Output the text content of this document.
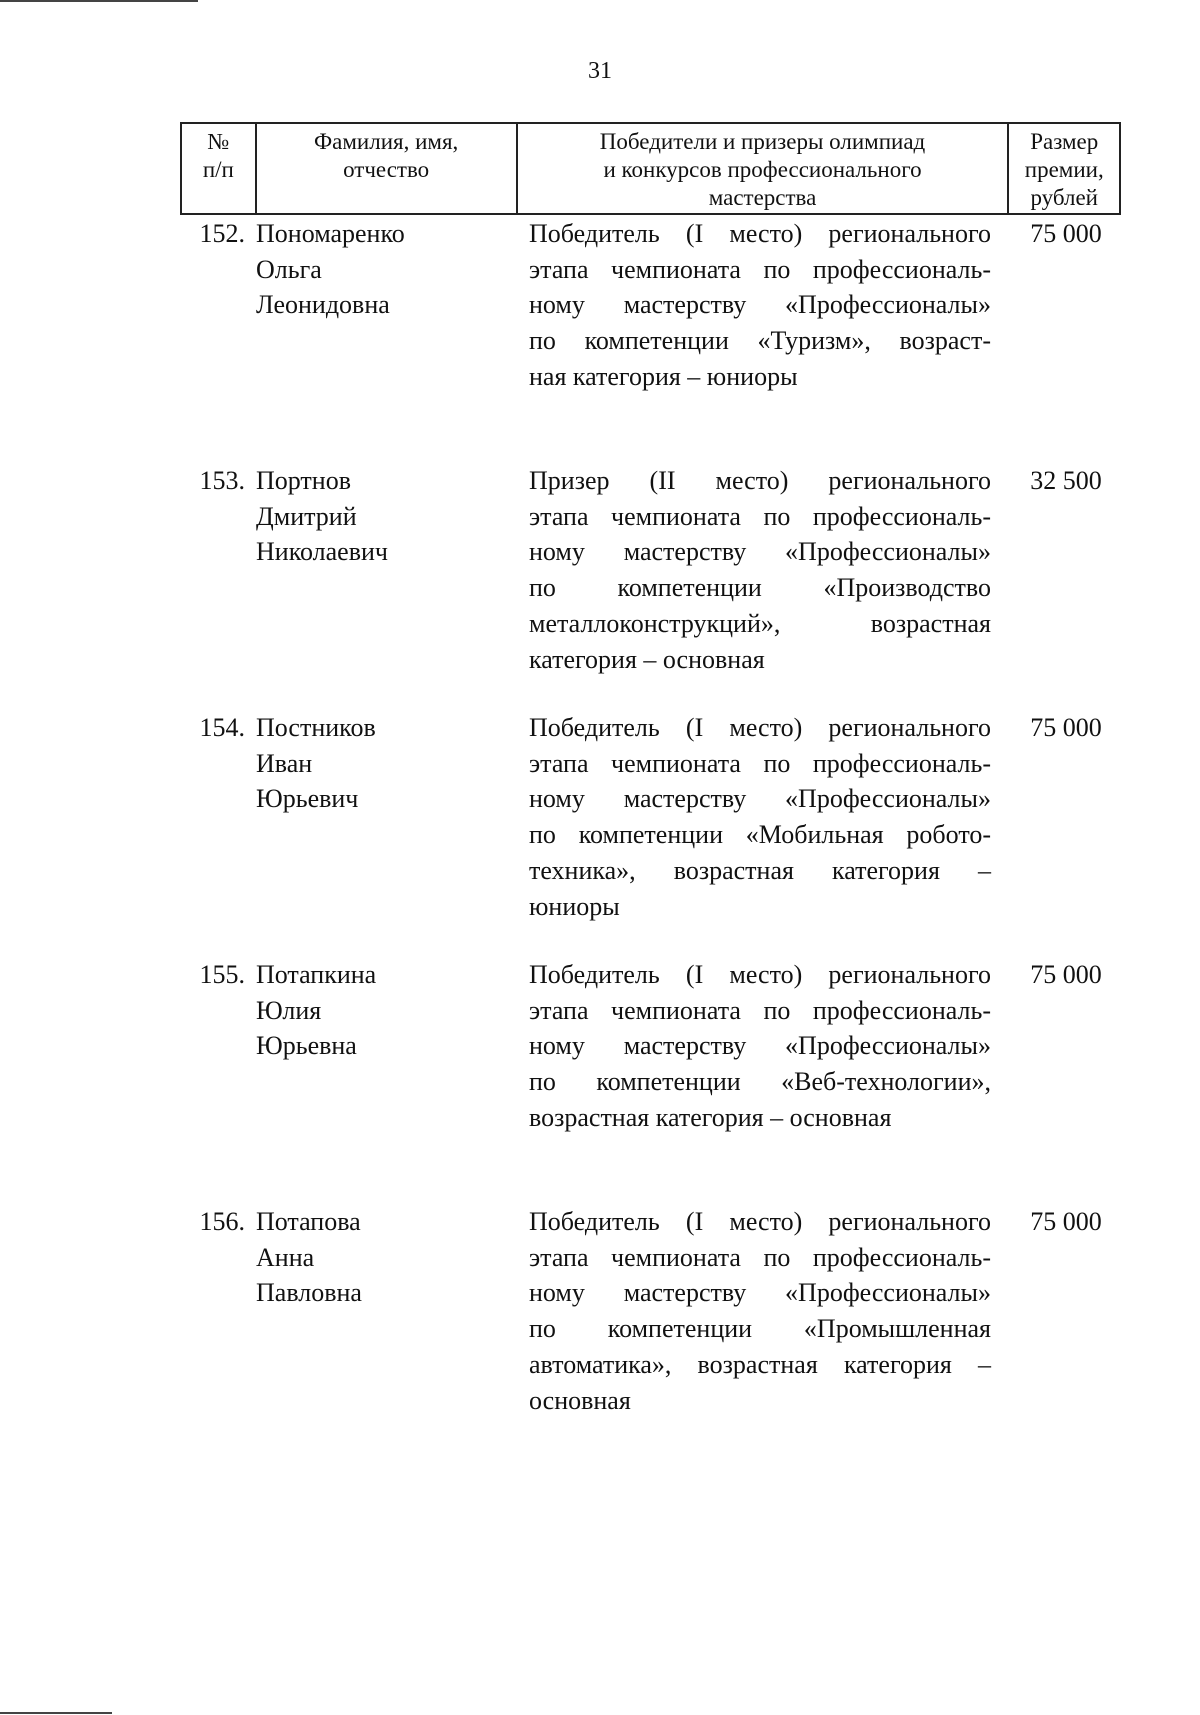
31
№
п/п
Фамилия, имя,
отчество
Победители и призеры олимпиад
и конкурсов профессионального
мастерства
Размер
премии,
рублей
152. Пономаренко
Ольга
Леонидовна
Победитель (I место) регионального
этапа чемпионата по профессиональ-
ному мастерству «Профессионалы»
по компетенции «Туризм», возраст-
ная категория – юниоры
75 000
153. Портнов
Дмитрий
Николаевич
Призер (II место) регионального
этапа чемпионата по профессиональ-
ному мастерству «Профессионалы»
по компетенции «Производство
металлоконструкций», возрастная
категория – основная
32 500
154. Постников
Иван
Юрьевич
Победитель (I место) регионального
этапа чемпионата по профессиональ-
ному мастерству «Профессионалы»
по компетенции «Мобильная робото-
техника», возрастная категория –
юниоры
75 000
155. Потапкина
Юлия
Юрьевна
Победитель (I место) регионального
этапа чемпионата по профессиональ-
ному мастерству «Профессионалы»
по компетенции «Веб-технологии»,
возрастная категория – основная
75 000
156. Потапова
Анна
Павловна
Победитель (I место) регионального
этапа чемпионата по профессиональ-
ному мастерству «Профессионалы»
по компетенции «Промышленная
автоматика», возрастная категория –
основная
75 000
